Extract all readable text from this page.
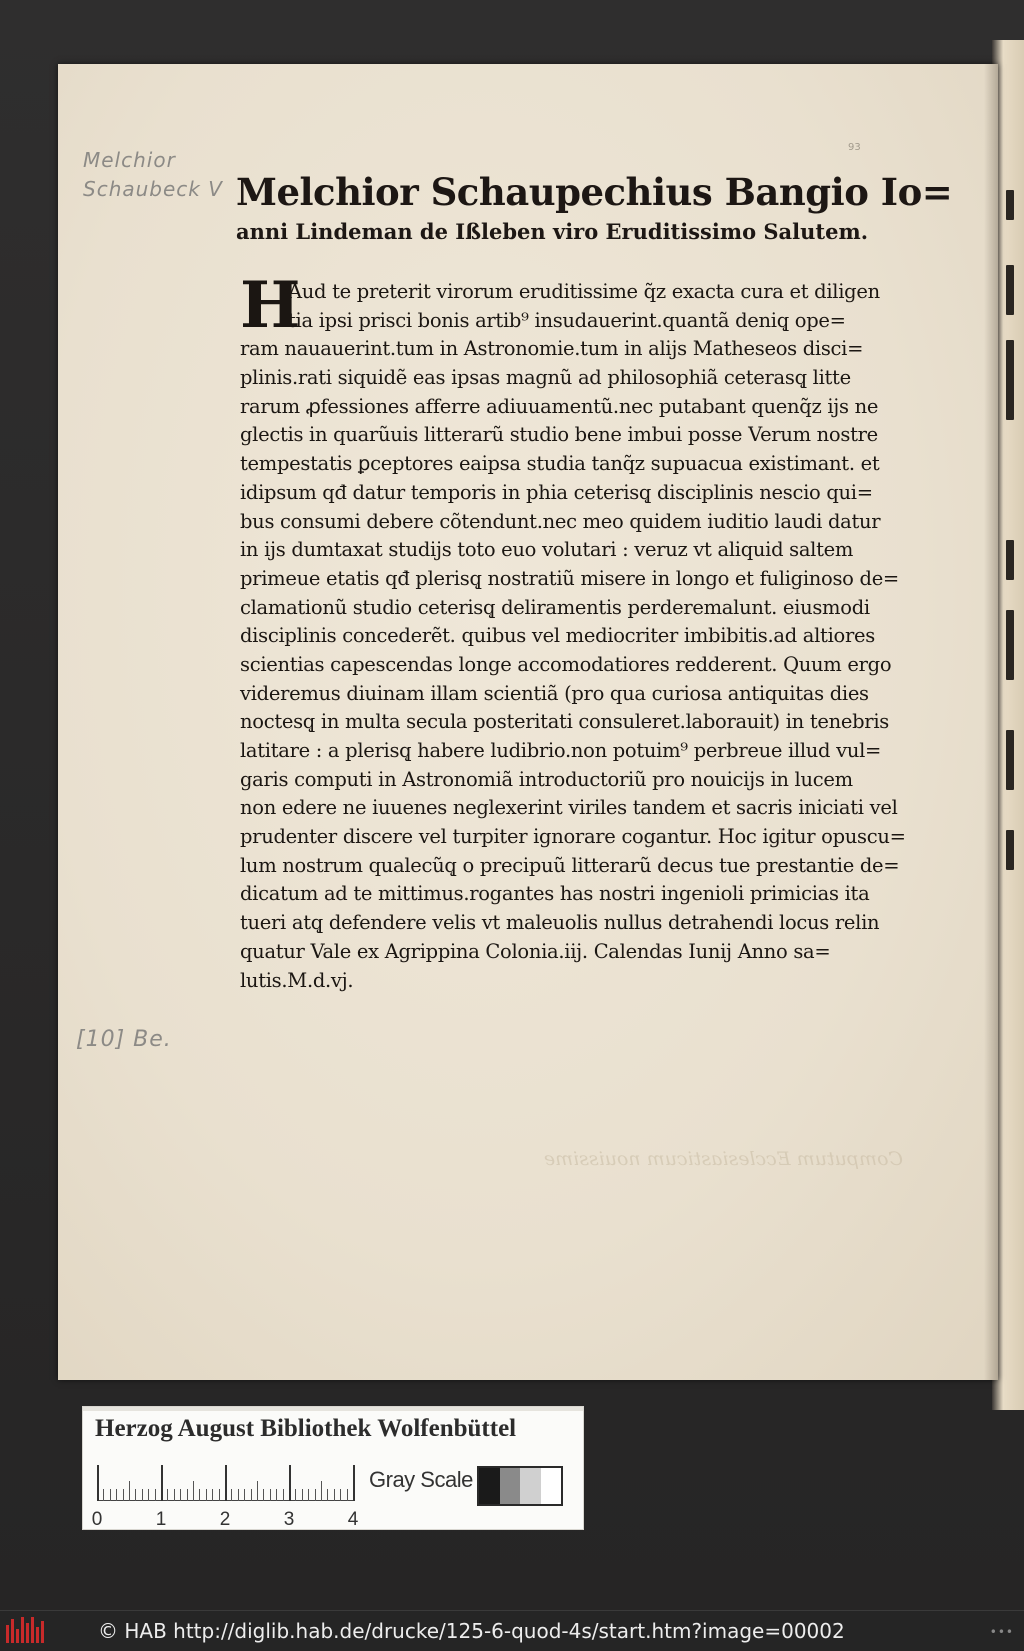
Melchior Schaubeck V
[10] Be.
93
Melchior Schaupechius Bangio Io=
anni Lindeman de Ißleben viro Eruditissimo Salutem.
H
Aud te preterit virorum eruditissime q̃z exacta cura et diligen
tia ipsi prisci bonis artib⁹ insudauerint.quantã deniq̨ ope=
ram nauauerint.tum in Astronomie.tum in alijs Matheseos disci=
plinis.rati siquidẽ eas ipsas magnũ ad philosophiã ceterasq̨ litte
rarum ꝓfessiones afferre adiuuamentũ.nec putabant quenq̃z ijs ne
glectis in quarũuis litterarũ studio bene imbui posse Verum nostre
tempestatis ꝑceptores eaipsa studia tanq̃z supuacua existimant. et
idipsum qđ datur temporis in phia ceterisq̨ disciplinis nescio qui=
bus consumi debere cõtendunt.nec meo quidem iuditio laudi datur
in ijs dumtaxat studijs toto euo volutari : veruz vt aliquid saltem
primeue etatis qđ plerisq̨ nostratiũ misere in longo et fuliginoso de=
clamationũ studio ceterisq̨ deliramentis perderemalunt. eiusmodi
disciplinis concederẽt. quibus vel mediocriter imbibitis.ad altiores
scientias capescendas longe accomodatiores redderent. Quum ergo
videremus diuinam illam scientiã (pro qua curiosa antiquitas dies
noctesq̨ in multa secula posteritati consuleret.laborauit) in tenebris
latitare : a plerisq̨ habere ludibrio.non potuim⁹ perbreue illud vul=
garis computi in Astronomiã introductoriũ pro nouicijs in lucem
non edere ne iuuenes neglexerint viriles tandem et sacris iniciati vel
prudenter discere vel turpiter ignorare cogantur. Hoc igitur opuscu=
lum nostrum qualecũq̨ o precipuũ litterarũ decus tue prestantie de=
dicatum ad te mittimus.rogantes has nostri ingenioli primicias ita
tueri atq̨ defendere velis vt maleuolis nullus detrahendi locus relin
quatur Vale ex Agrippina Colonia.iij. Calendas Iunij Anno sa=
lutis.M.d.vj.
Computum Ecclesiasticum nouissime
Herzog August Bibliothek Wolfenbüttel
0	1	2	3	4
Gray Scale
© HAB http://diglib.hab.de/drucke/125-6-quod-4s/start.htm?image=00002	•••
